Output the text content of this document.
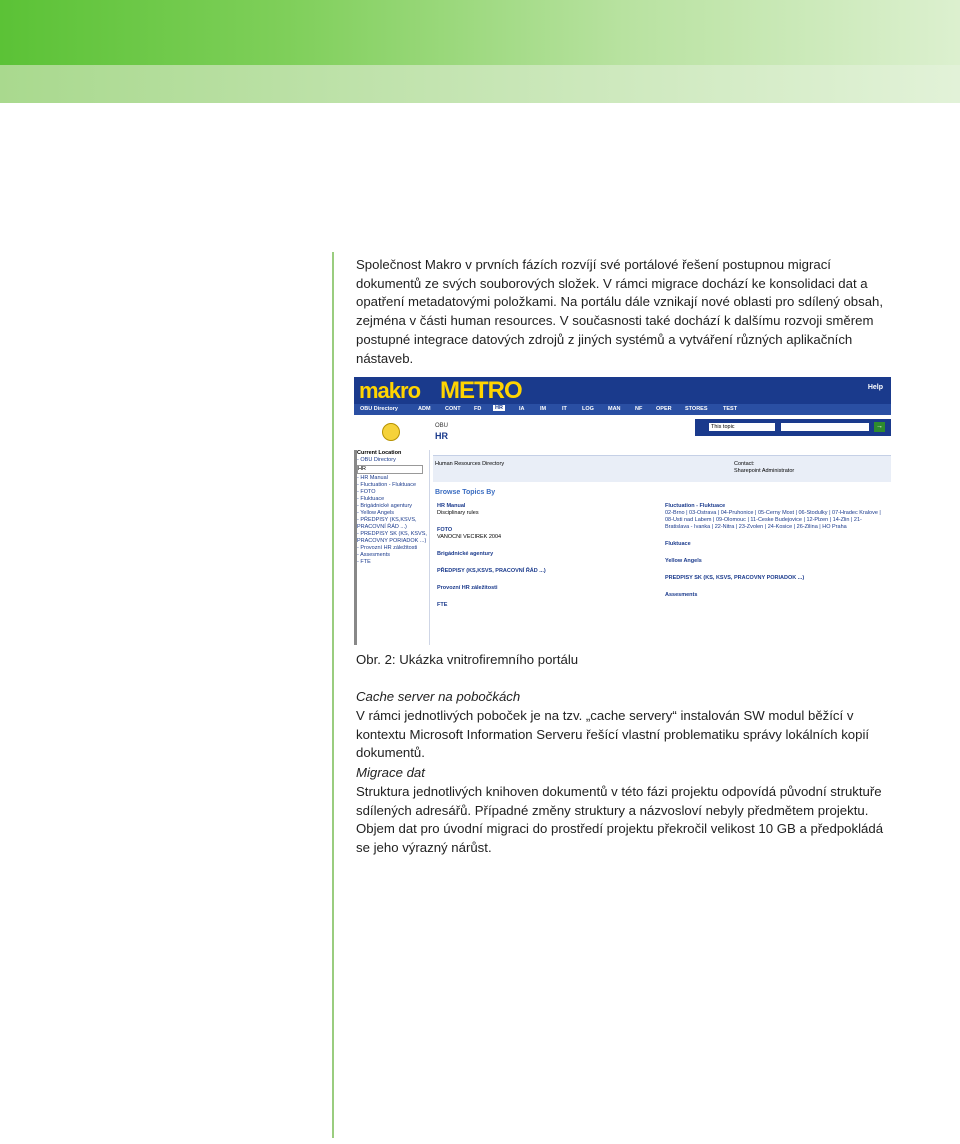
Společnost Makro v prvních fázích rozvíjí své portálové řešení postupnou migrací dokumentů ze svých souborových složek. V rámci migrace dochází ke konsolidaci dat a opatření metadatovými položkami. Na portálu dále vznikají nové oblasti pro sdílený obsah, zejména v části human resources. V současnosti také dochází k dalšímu rozvoji směrem postupné integrace datových zdrojů z jiných systémů a vytváření různých aplikačních nástaveb.
makro METRO	Help
OBU Directory	ADM	CONT FD	HR	IA	IM	IT	LOG	MAN	NF OPER STORES	TEST
OBU
HR
This topic	→
Current Location
- OBU Directory
HR
- HR Manual
- Fluctuation - Fluktuace
- FOTO
- Fluktuace
- Brigádnické agentury
- Yellow Angels
- PŘEDPISY (KS,KSVS, PRACOVNÍ ŘÁD ...)
- PREDPISY SK (KS, KSVS, PRACOVNY PORIADOK ...)
- Provozní HR záležitosti
- Assesments
- FTE
Human Resources Directory	Contact:
Sharepoint Administrator
Browse Topics By
HR Manual
Disciplinary rules
FOTO
VANOCNI VECIREK 2004
Brigádnické agentury
PŘEDPISY (KS,KSVS, PRACOVNÍ ŘÁD ...)
Provozní HR záležitosti
FTE
Fluctuation - Fluktuace
02-Brno | 03-Ostrava | 04-Pruhonice | 05-Cerny Most | 06-Stodulky | 07-Hradec Kralove | 08-Usti nad Labem | 09-Olomouc | 11-Ceske Budejovice | 12-Plzen | 14-Zlin | 21-Bratislava - Ivanka | 22-Nitra | 23-Zvolen | 24-Kosice | 26-Zilina | HO Praha
Fluktuace
Yellow Angels
PREDPISY SK (KS, KSVS, PRACOVNY PORIADOK ...)
Assesments
Obr. 2: Ukázka vnitrofiremního portálu
Cache server na pobočkách
V rámci jednotlivých poboček je na tzv. „cache servery“ instalován SW modul běžící v kontextu Microsoft Information Serveru řešící vlastní problematiku správy lokálních kopií dokumentů.
Migrace dat
Struktura jednotlivých knihoven dokumentů v této fázi projektu odpovídá původní struktuře sdílených adresářů. Případné změny struktury a názvosloví nebyly předmětem projektu. Objem dat pro úvodní migraci do prostředí projektu překročil velikost 10 GB a předpokládá se jeho výrazný nárůst.
